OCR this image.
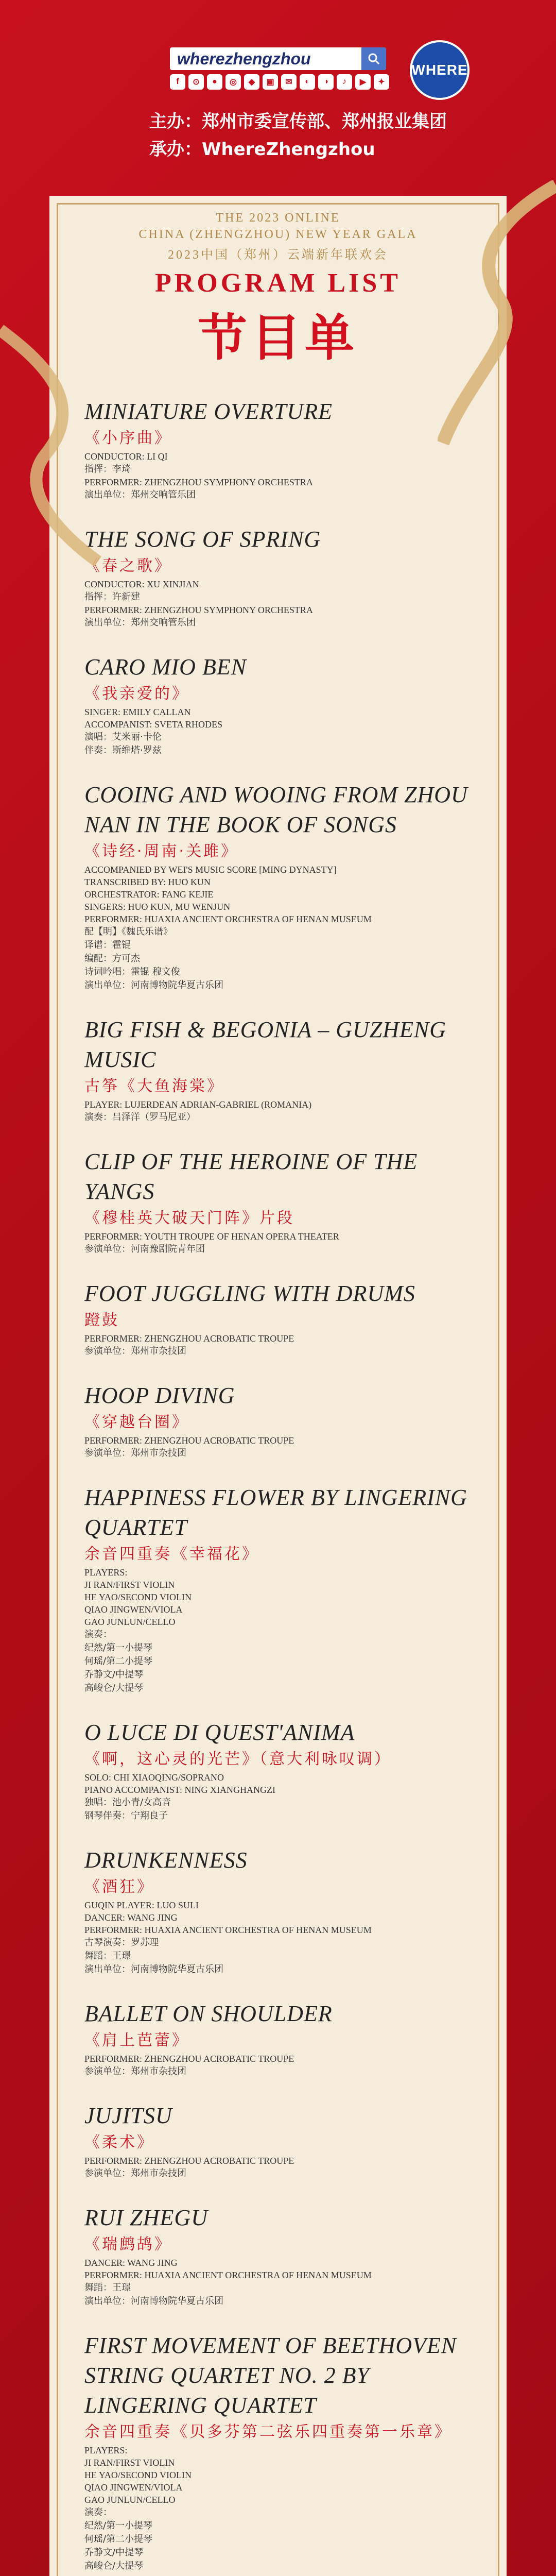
wherezhengzhou
WHERE
f	⊙	●	◎	◆	▣	✉	◐	◑	♪	▶	✦
主办：郑州市委宣传部、郑州报业集团
承办：WhereZhengzhou
THE 2023 ONLINE
CHINA (ZHENGZHOU) NEW YEAR GALA
2023中国（郑州）云端新年联欢会
PROGRAM LIST
节目单
MINIATURE OVERTURE
《小序曲》
CONDUCTOR: LI QI
指挥：李琦
PERFORMER: ZHENGZHOU SYMPHONY ORCHESTRA
演出单位：郑州交响管乐团
THE SONG OF SPRING
《春之歌》
CONDUCTOR: XU XINJIAN
指挥：许新建
PERFORMER: ZHENGZHOU SYMPHONY ORCHESTRA
演出单位：郑州交响管乐团
CARO MIO BEN
《我亲爱的》
SINGER: EMILY CALLAN
ACCOMPANIST: SVETA RHODES
演唱：艾米丽·卡伦
伴奏：斯维塔·罗兹
COOING AND WOOING FROM ZHOU NAN IN THE BOOK OF SONGS
《诗经·周南·关雎》
ACCOMPANIED BY WEI'S MUSIC SCORE [MING DYNASTY]
TRANSCRIBED BY: HUO KUN
ORCHESTRATOR: FANG KEJIE
SINGERS: HUO KUN, MU WENJUN
PERFORMER: HUAXIA ANCIENT ORCHESTRA OF HENAN MUSEUM
配【明】《魏氏乐谱》
译谱：霍锟
编配：方可杰
诗词吟唱：霍锟 穆文俊
演出单位：河南博物院华夏古乐团
BIG FISH & BEGONIA – GUZHENG MUSIC
古筝《大鱼海棠》
PLAYER: LUJERDEAN ADRIAN-GABRIEL (ROMANIA)
演奏：吕泽洋（罗马尼亚）
CLIP OF THE HEROINE OF THE YANGS
《穆桂英大破天门阵》片段
PERFORMER: YOUTH TROUPE OF HENAN OPERA THEATER
参演单位：河南豫剧院青年团
FOOT JUGGLING WITH DRUMS
蹬鼓
PERFORMER: ZHENGZHOU ACROBATIC TROUPE
参演单位：郑州市杂技团
HOOP DIVING
《穿越台圈》
PERFORMER: ZHENGZHOU ACROBATIC TROUPE
参演单位：郑州市杂技团
HAPPINESS FLOWER BY LINGERING QUARTET
余音四重奏《幸福花》
PLAYERS:
JI RAN/FIRST VIOLIN
HE YAO/SECOND VIOLIN
QIAO JINGWEN/VIOLA
GAO JUNLUN/CELLO
演奏：
纪然/第一小提琴
何瑶/第二小提琴
乔静文/中提琴
高峻仑/大提琴
O LUCE DI QUEST'ANIMA
《啊，这心灵的光芒》（意大利咏叹调）
SOLO: CHI XIAOQING/SOPRANO
PIANO ACCOMPANIST: NING XIANGHANGZI
独唱：池小青/女高音
钢琴伴奏：宁翔良子
DRUNKENNESS
《酒狂》
GUQIN PLAYER: LUO SULI
DANCER: WANG JING
PERFORMER: HUAXIA ANCIENT ORCHESTRA OF HENAN MUSEUM
古琴演奏：罗苏理
舞蹈：王璟
演出单位：河南博物院华夏古乐团
BALLET ON SHOULDER
《肩上芭蕾》
PERFORMER: ZHENGZHOU ACROBATIC TROUPE
参演单位：郑州市杂技团
JUJITSU
《柔术》
PERFORMER: ZHENGZHOU ACROBATIC TROUPE
参演单位：郑州市杂技团
RUI ZHEGU
《瑞鹧鸪》
DANCER: WANG JING
PERFORMER: HUAXIA ANCIENT ORCHESTRA OF HENAN MUSEUM
舞蹈：王璟
演出单位：河南博物院华夏古乐团
FIRST MOVEMENT OF BEETHOVEN STRING QUARTET NO. 2 BY LINGERING QUARTET
余音四重奏《贝多芬第二弦乐四重奏第一乐章》
PLAYERS:
JI RAN/FIRST VIOLIN
HE YAO/SECOND VIOLIN
QIAO JINGWEN/VIOLA
GAO JUNLUN/CELLO
演奏：
纪然/第一小提琴
何瑶/第二小提琴
乔静文/中提琴
高峻仑/大提琴
